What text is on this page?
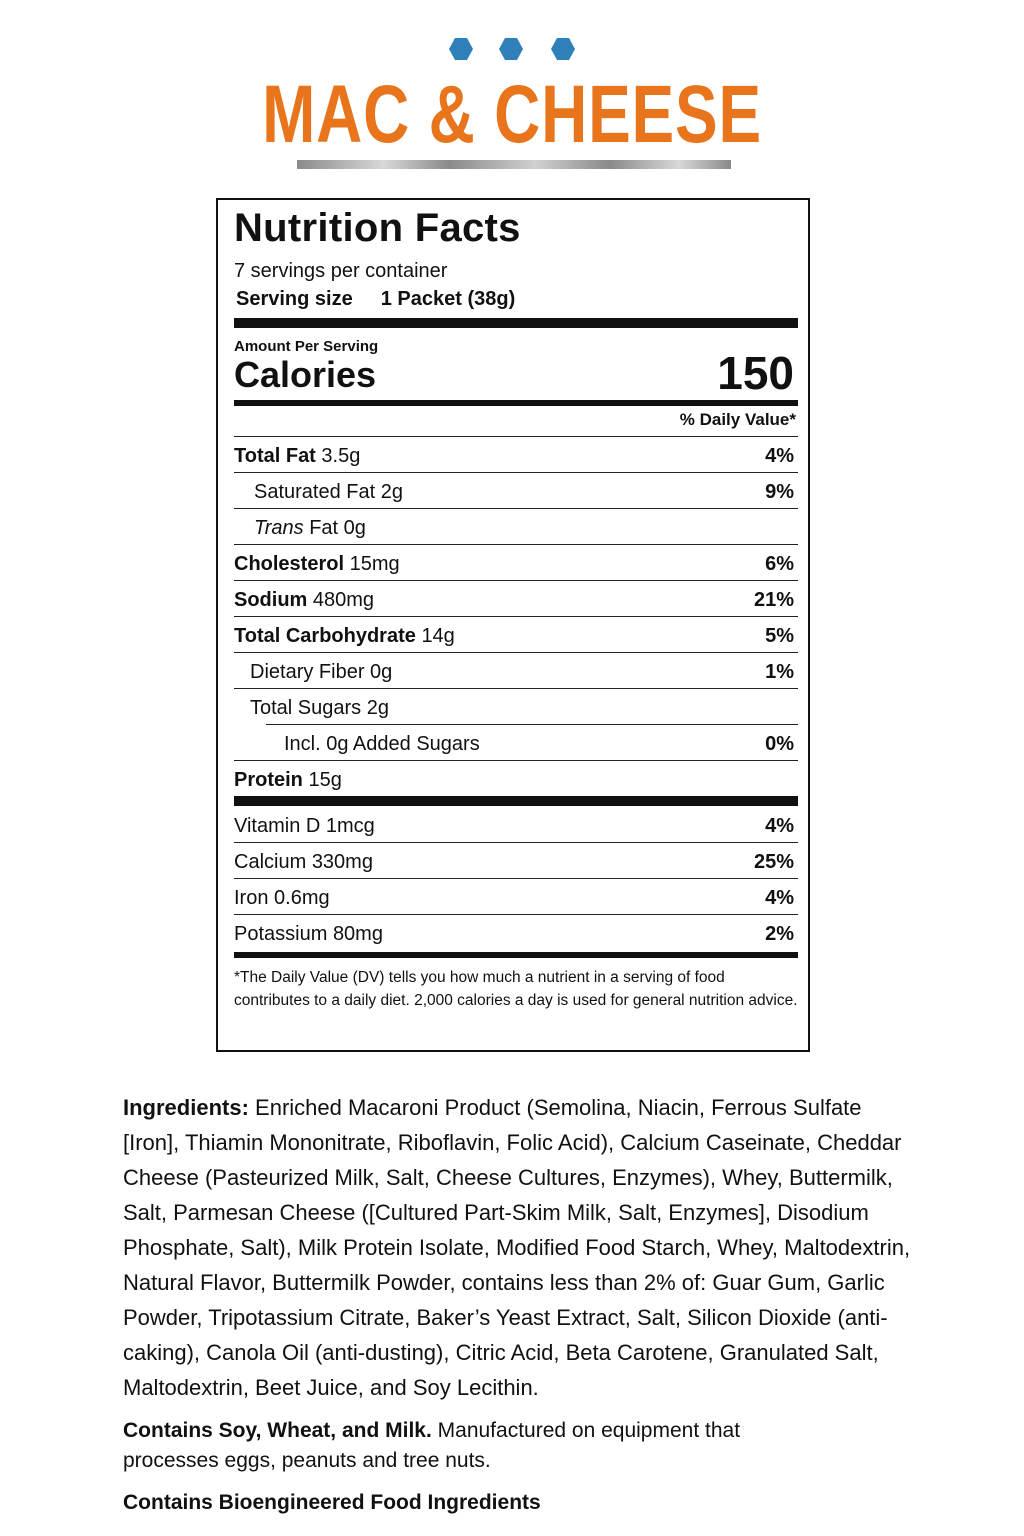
MAC & CHEESE
Nutrition Facts
7 servings per container
Serving size 1 Packet (38g)
Amount Per Serving
Calories	150
% Daily Value*
Total Fat 3.5g	4%
Saturated Fat 2g	9%
Trans Fat 0g
Cholesterol 15mg	6%
Sodium 480mg	21%
Total Carbohydrate 14g	5%
Dietary Fiber 0g	1%
Total Sugars 2g
Incl. 0g Added Sugars	0%
Protein 15g
Vitamin D 1mcg	4%
Calcium 330mg	25%
Iron 0.6mg	4%
Potassium 80mg	2%
*The Daily Value (DV) tells you how much a nutrient in a serving of food contributes to a daily diet. 2,000 calories a day is used for general nutrition advice.
Ingredients: Enriched Macaroni Product (Semolina, Niacin, Ferrous Sulfate [Iron], Thiamin Mononitrate, Riboflavin, Folic Acid), Calcium Caseinate, Cheddar Cheese (Pasteurized Milk, Salt, Cheese Cultures, Enzymes), Whey, Buttermilk, Salt, Parmesan Cheese ([Cultured Part-Skim Milk, Salt, Enzymes], Disodium Phosphate, Salt), Milk Protein Isolate, Modified Food Starch, Whey, Maltodextrin, Natural Flavor, Buttermilk Powder, contains less than 2% of: Guar Gum, Garlic Powder, Tripotassium Citrate, Baker’s Yeast Extract, Salt, Silicon Dioxide (anti-caking), Canola Oil (anti-dusting), Citric Acid, Beta Carotene, Granulated Salt, Maltodextrin, Beet Juice, and Soy Lecithin.
Contains Soy, Wheat, and Milk. Manufactured on equipment that processes eggs, peanuts and tree nuts.
Contains Bioengineered Food Ingredients
